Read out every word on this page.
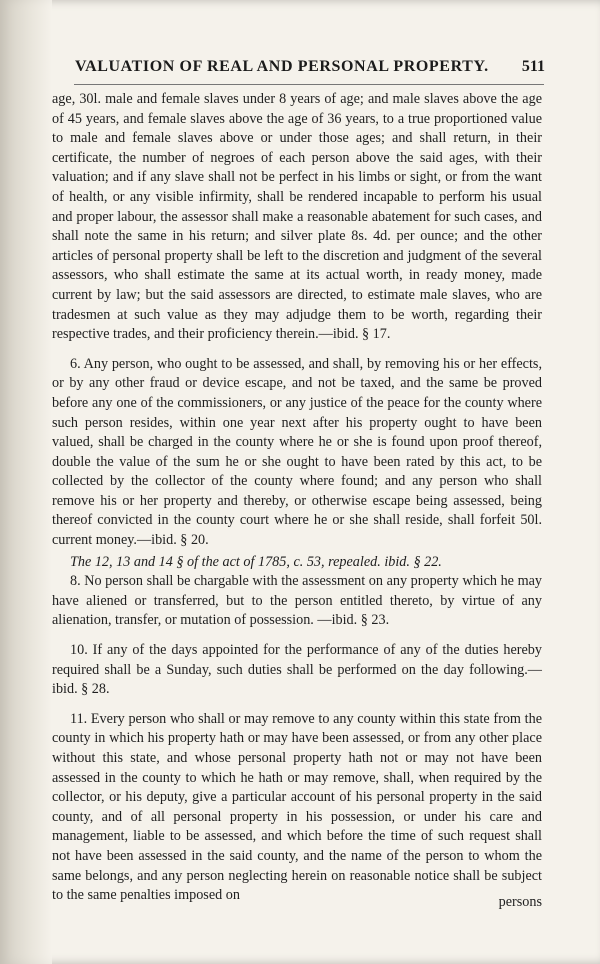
VALUATION OF REAL AND PERSONAL PROPERTY. 511

age, 30l. male and female slaves under 8 years of age; and male slaves above the age of 45 years, and female slaves above the age of 36 years, to a true proportioned value to male and female slaves above or under those ages; and shall return, in their certificate, the number of negroes of each person above the said ages, with their valuation; and if any slave shall not be perfect in his limbs or sight, or from the want of health, or any visible infirmity, shall be rendered incapable to perform his usual and proper labour, the assessor shall make a reasonable abatement for such cases, and shall note the same in his return; and silver plate 8s. 4d. per ounce; and the other articles of personal property shall be left to the discretion and judgment of the several assessors, who shall estimate the same at its actual worth, in ready money, made current by law; but the said assessors are directed, to estimate male slaves, who are tradesmen at such value as they may adjudge them to be worth, regarding their respective trades, and their proficiency therein.—ibid. § 17.

6. Any person, who ought to be assessed, and shall, by removing his or her effects, or by any other fraud or device escape, and not be taxed, and the same be proved before any one of the commissioners, or any justice of the peace for the county where such person resides, within one year next after his property ought to have been valued, shall be charged in the county where he or she is found upon proof thereof, double the value of the sum he or she ought to have been rated by this act, to be collected by the collector of the county where found; and any person who shall remove his or her property and thereby, or otherwise escape being assessed, being thereof convicted in the county court where he or she shall reside, shall forfeit 50l. current money.—ibid. § 20.

The 12, 13 and 14 § of the act of 1785, c. 53, repealed. ibid. § 22.

8. No person shall be chargable with the assessment on any property which he may have aliened or transferred, but to the person entitled thereto, by virtue of any alienation, transfer, or mutation of possession. —ibid. § 23.

10. If any of the days appointed for the performance of any of the duties hereby required shall be a Sunday, such duties shall be performed on the day following.—ibid. § 28.

11. Every person who shall or may remove to any county within this state from the county in which his property hath or may have been assessed, or from any other place without this state, and whose personal property hath not or may not have been assessed in the county to which he hath or may remove, shall, when required by the collector, or his deputy, give a particular account of his personal property in the said county, and of all personal property in his possession, or under his care and management, liable to be assessed, and which before the time of such request shall not have been assessed in the said county, and the name of the person to whom the same belongs, and any person neglecting herein on reasonable notice shall be subject to the same penalties imposed on	persons
